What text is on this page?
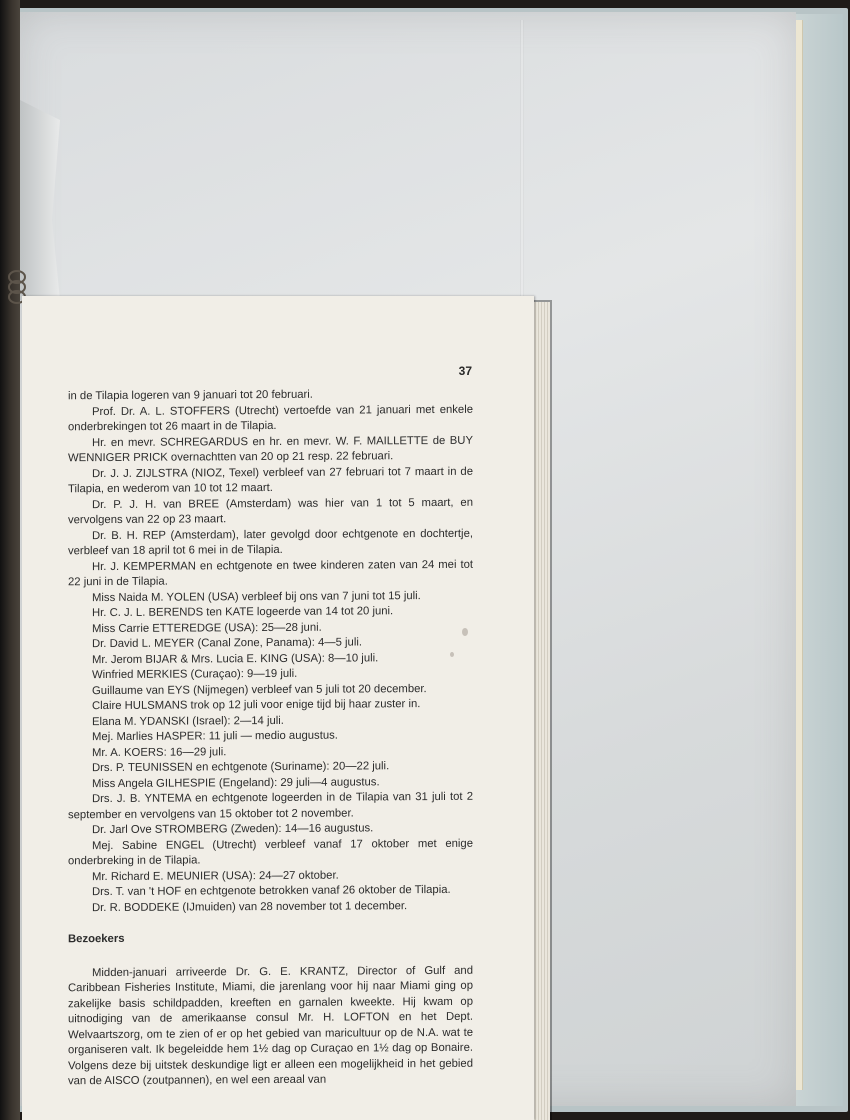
37

in de Tilapia logeren van 9 januari tot 20 februari.

Prof. Dr. A. L. STOFFERS (Utrecht) vertoefde van 21 januari met enkele onderbrekingen tot 26 maart in de Tilapia.

Hr. en mevr. SCHREGARDUS en hr. en mevr. W. F. MAILLETTE de BUY WENNIGER PRICK overnachtten van 20 op 21 resp. 22 februari.

Dr. J. J. ZIJLSTRA (NIOZ, Texel) verbleef van 27 februari tot 7 maart in de Tilapia, en wederom van 10 tot 12 maart.

Dr. P. J. H. van BREE (Amsterdam) was hier van 1 tot 5 maart, en vervolgens van 22 op 23 maart.

Dr. B. H. REP (Amsterdam), later gevolgd door echtgenote en dochtertje, verbleef van 18 april tot 6 mei in de Tilapia.

Hr. J. KEMPERMAN en echtgenote en twee kinderen zaten van 24 mei tot 22 juni in de Tilapia.

Miss Naida M. YOLEN (USA) verbleef bij ons van 7 juni tot 15 juli.

Hr. C. J. L. BERENDS ten KATE logeerde van 14 tot 20 juni.

Miss Carrie ETTEREDGE (USA): 25—28 juni.

Dr. David L. MEYER (Canal Zone, Panama): 4—5 juli.

Mr. Jerom BIJAR & Mrs. Lucia E. KING (USA): 8—10 juli.

Winfried MERKIES (Curaçao): 9—19 juli.

Guillaume van EYS (Nijmegen) verbleef van 5 juli tot 20 december.

Claire HULSMANS trok op 12 juli voor enige tijd bij haar zuster in.

Elana M. YDANSKI (Israel): 2—14 juli.

Mej. Marlies HASPER: 11 juli — medio augustus.

Mr. A. KOERS: 16—29 juli.

Drs. P. TEUNISSEN en echtgenote (Suriname): 20—22 juli.

Miss Angela GILHESPIE (Engeland): 29 juli—4 augustus.

Drs. J. B. YNTEMA en echtgenote logeerden in de Tilapia van 31 juli tot 2 september en vervolgens van 15 oktober tot 2 november.

Dr. Jarl Ove STROMBERG (Zweden): 14—16 augustus.

Mej. Sabine ENGEL (Utrecht) verbleef vanaf 17 oktober met enige onderbreking in de Tilapia.

Mr. Richard E. MEUNIER (USA): 24—27 oktober.

Drs. T. van 't HOF en echtgenote betrokken vanaf 26 oktober de Tilapia.

Dr. R. BODDEKE (IJmuiden) van 28 november tot 1 december.

Bezoekers

Midden-januari arriveerde Dr. G. E. KRANTZ, Director of Gulf and Caribbean Fisheries Institute, Miami, die jarenlang voor hij naar Miami ging op zakelijke basis schildpadden, kreeften en garnalen kweekte. Hij kwam op uitnodiging van de amerikaanse consul Mr. H. LOFTON en het Dept. Welvaartszorg, om te zien of er op het gebied van maricultuur op de N.A. wat te organiseren valt. Ik begeleidde hem 1½ dag op Curaçao en 1½ dag op Bonaire. Volgens deze bij uitstek deskundige ligt er alleen een mogelijkheid in het gebied van de AISCO (zoutpannen), en wel een areaal van
